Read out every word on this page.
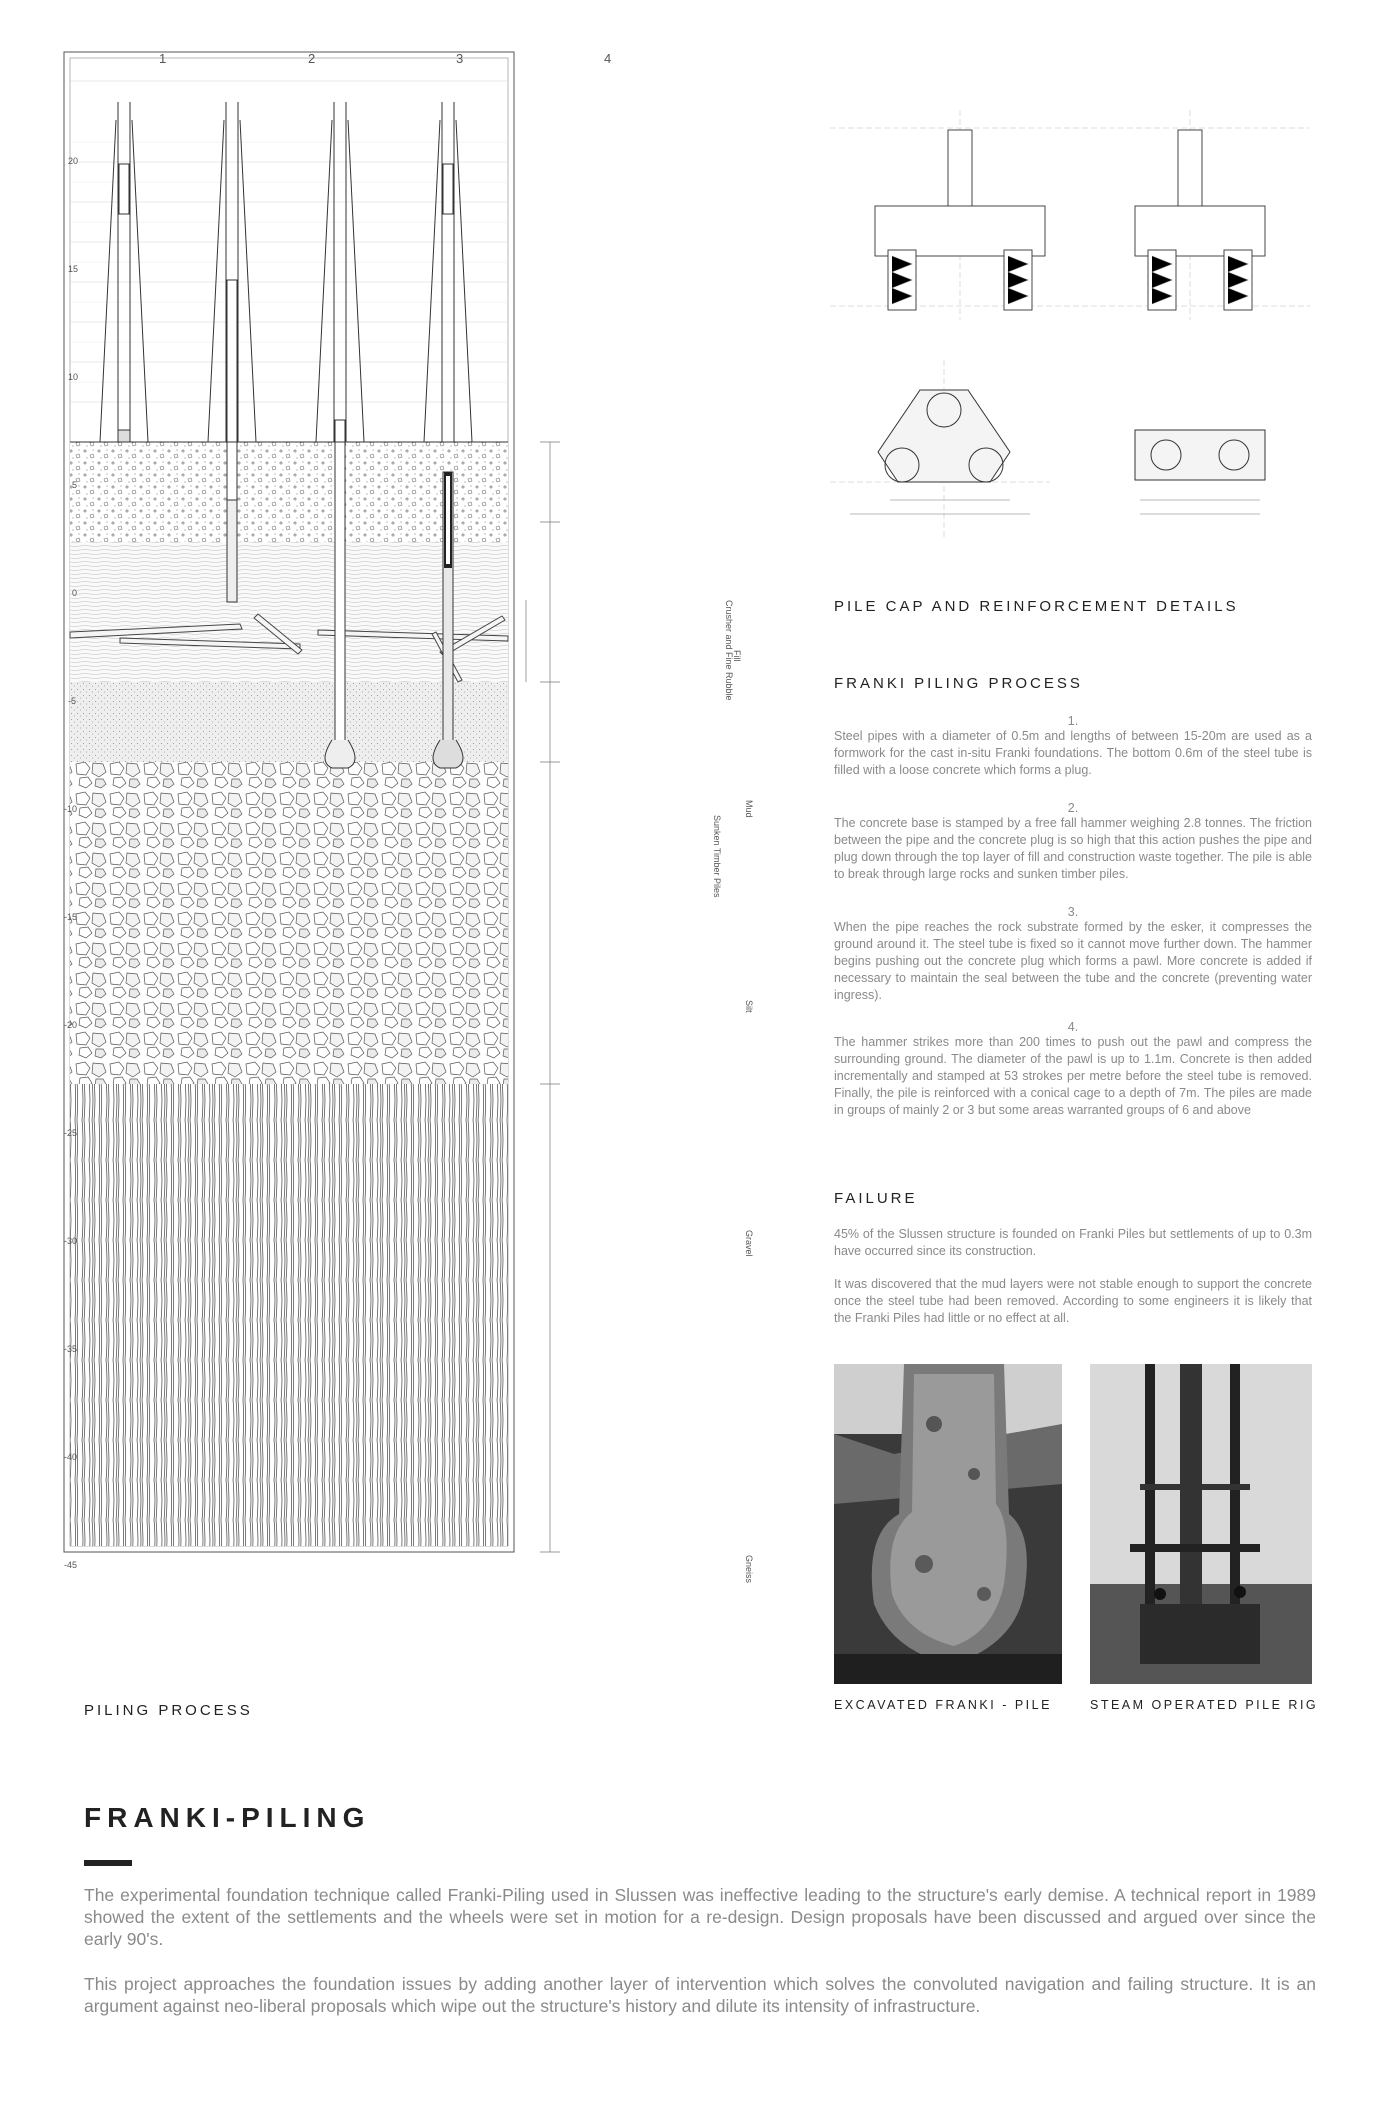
1	2	3	4
20
15
10
5
0
-5
-10
-15
-20
-25
-30
-35
-40
-45
Fill
Crusher and Fine Rubble
Mud
Sunken Timber Piles
Silt
Gravel
Gneiss
PILING PROCESS
PILE CAP AND REINFORCEMENT DETAILS
FRANKI PILING PROCESS
1.
Steel pipes with a diameter of 0.5m and lengths of between 15-20m are used as a formwork for the cast in-situ Franki foundations. The bottom 0.6m of the steel tube is filled with a loose concrete which forms a plug.
2.
The concrete base is stamped by a free fall hammer weighing 2.8 tonnes. The friction between the pipe and the concrete plug is so high that this action pushes the pipe and plug down through the top layer of fill and construction waste together. The pile is able to break through large rocks and sunken timber piles.
3.
When the pipe reaches the rock substrate formed by the esker, it compresses the ground around it. The steel tube is fixed so it cannot move further down. The hammer begins pushing out the concrete plug which forms a pawl. More concrete is added if necessary to maintain the seal between the tube and the concrete (preventing water ingress).
4.
The hammer strikes more than 200 times to push out the pawl and compress the surrounding ground. The diameter of the pawl is up to 1.1m. Concrete is then added incrementally and stamped at 53 strokes per metre before the steel tube is removed. Finally, the pile is reinforced with a conical cage to a depth of 7m. The piles are made in groups of mainly 2 or 3 but some areas warranted groups of 6 and above
FAILURE
45% of the Slussen structure is founded on Franki Piles but settlements of up to 0.3m have occurred since its construction.
It was discovered that the mud layers were not stable enough to support the concrete once the steel tube had been removed. According to some engineers it is likely that the Franki Piles had little or no effect at all.
EXCAVATED FRANKI - PILE	STEAM OPERATED PILE RIG
FRANKI-PILING
The experimental foundation technique called Franki-Piling used in Slussen was ineffective leading to the structure's early demise. A technical report in 1989 showed the extent of the settlements and the wheels were set in motion for a re-design. Design proposals have been discussed and argued over since the early 90's.
This project approaches the foundation issues by adding another layer of intervention which solves the convoluted navigation and failing structure. It is an argument against neo-liberal proposals which wipe out the structure's history and dilute its intensity of infrastructure.
